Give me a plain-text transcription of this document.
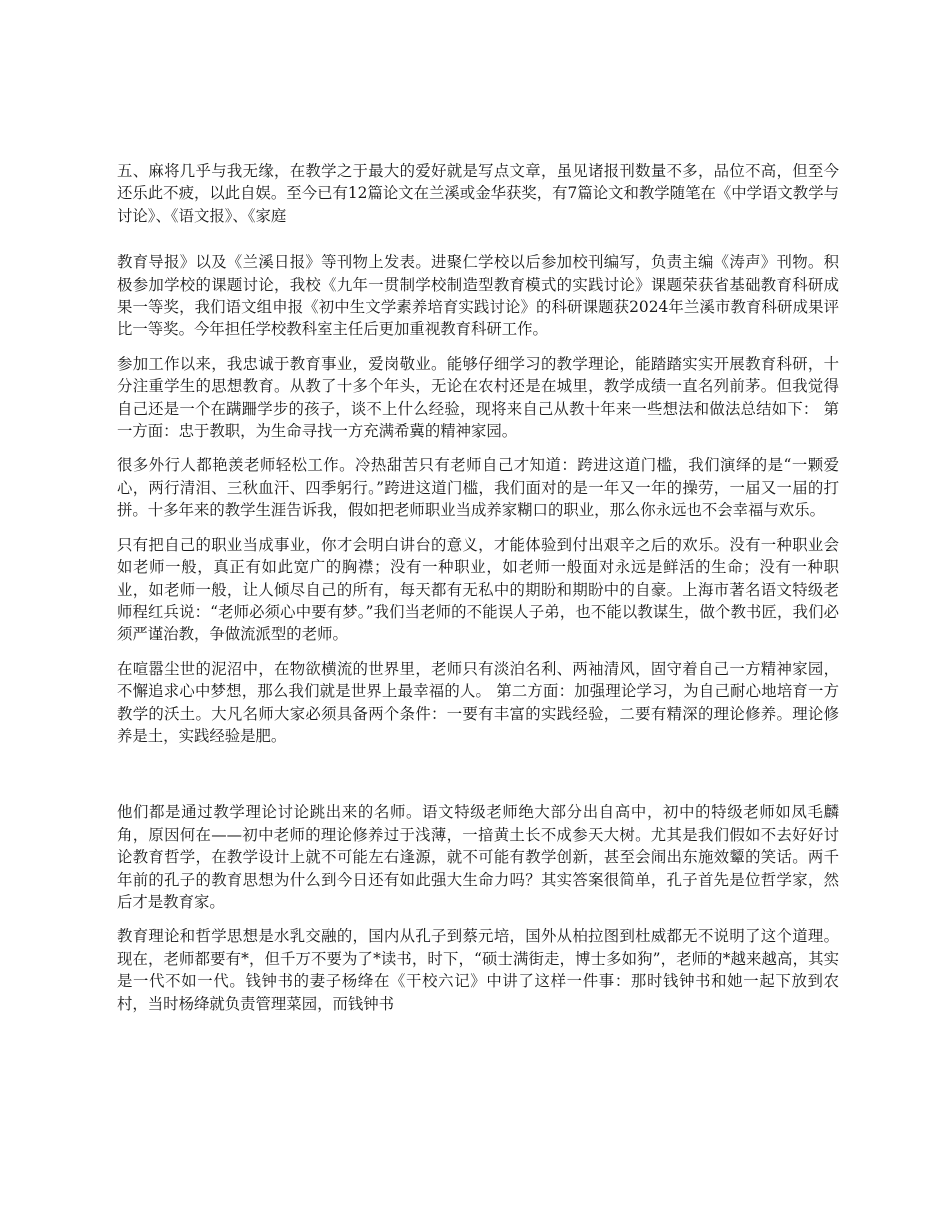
五、麻将几乎与我无缘，在教学之于最大的爱好就是写点文章，虽见诸报刊数量不多，品位不高，但至今还乐此不疲，以此自娱。至今已有12篇论文在兰溪或金华获奖，有7篇论文和教学随笔在《中学语文教学与讨论》、《语文报》、《家庭

教育导报》以及《兰溪日报》等刊物上发表。进聚仁学校以后参加校刊编写，负责主编《涛声》刊物。积极参加学校的课题讨论，我校《九年一贯制学校制造型教育模式的实践讨论》课题荣获省基础教育科研成果一等奖，我们语文组申报《初中生文学素养培育实践讨论》的科研课题获2024年兰溪市教育科研成果评比一等奖。今年担任学校教科室主任后更加重视教育科研工作。

参加工作以来，我忠诚于教育事业，爱岗敬业。能够仔细学习的教学理论，能踏踏实实开展教育科研，十分注重学生的思想教育。从教了十多个年头，无论在农村还是在城里，教学成绩一直名列前茅。但我觉得自己还是一个在蹒跚学步的孩子，谈不上什么经验，现将来自己从教十年来一些想法和做法总结如下： 第一方面：忠于教职，为生命寻找一方充满希冀的精神家园。

很多外行人都艳羡老师轻松工作。冷热甜苦只有老师自己才知道：跨进这道门槛，我们演绎的是“一颗爱心，两行清泪、三秋血汗、四季躬行。”跨进这道门槛，我们面对的是一年又一年的操劳，一届又一届的打拼。十多年来的教学生涯告诉我，假如把老师职业当成养家糊口的职业，那么你永远也不会幸福与欢乐。

只有把自己的职业当成事业，你才会明白讲台的意义，才能体验到付出艰辛之后的欢乐。没有一种职业会如老师一般，真正有如此宽广的胸襟；没有一种职业，如老师一般面对永远是鲜活的生命；没有一种职业，如老师一般，让人倾尽自己的所有，每天都有无私中的期盼和期盼中的自豪。上海市著名语文特级老师程红兵说：“老师必须心中要有梦。”我们当老师的不能误人子弟，也不能以教谋生，做个教书匠，我们必须严谨治教，争做流派型的老师。

在喧嚣尘世的泥沼中，在物欲横流的世界里，老师只有淡泊名利、两袖清风，固守着自己一方精神家园，不懈追求心中梦想，那么我们就是世界上最幸福的人。 第二方面：加强理论学习，为自己耐心地培育一方教学的沃土。大凡名师大家必须具备两个条件：一要有丰富的实践经验，二要有精深的理论修养。理论修养是土，实践经验是肥。

他们都是通过教学理论讨论跳出来的名师。语文特级老师绝大部分出自高中，初中的特级老师如凤毛麟角，原因何在——初中老师的理论修养过于浅薄，一揞黄土长不成参天大树。尤其是我们假如不去好好讨论教育哲学，在教学设计上就不可能左右逢源，就不可能有教学创新，甚至会闹出东施效颦的笑话。两千年前的孔子的教育思想为什么到今日还有如此强大生命力吗？其实答案很简单，孔子首先是位哲学家，然后才是教育家。

教育理论和哲学思想是水乳交融的，国内从孔子到蔡元培，国外从柏拉图到杜威都无不说明了这个道理。 现在，老师都要有*，但千万不要为了*读书，时下，“硕士满街走，博士多如狗”，老师的*越来越高，其实是一代不如一代。钱钟书的妻子杨绛在《干校六记》中讲了这样一件事：那时钱钟书和她一起下放到农村，当时杨绛就负责管理菜园，而钱钟书
